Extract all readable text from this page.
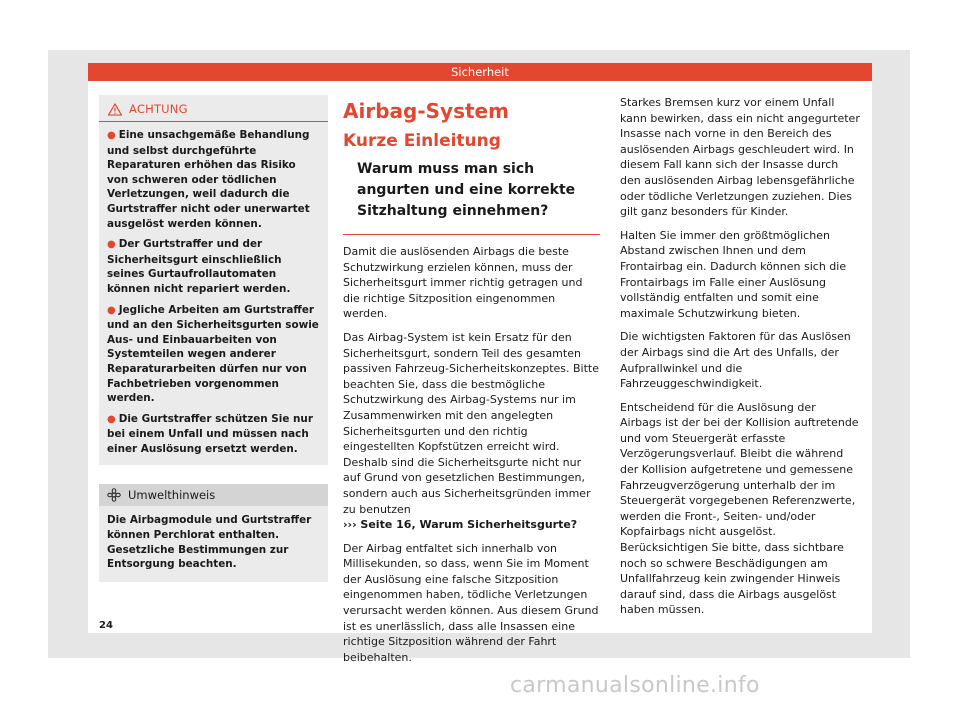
Sicherheit
ACHTUNG
● Eine unsachgemäße Behandlung und selbst durchgeführte Reparaturen erhöhen das Risiko von schweren oder tödlichen Verletzungen, weil dadurch die Gurtstraffer nicht oder unerwartet ausgelöst werden können.
● Der Gurtstraffer und der Sicherheitsgurt einschließlich seines Gurtaufrollautomaten können nicht repariert werden.
● Jegliche Arbeiten am Gurtstraffer und an den Sicherheitsgurten sowie Aus- und Einbauarbeiten von Systemteilen wegen anderer Reparaturarbeiten dürfen nur von Fachbetrieben vorgenommen werden.
● Die Gurtstraffer schützen Sie nur bei einem Unfall und müssen nach einer Auslösung ersetzt werden.
Umwelthinweis
Die Airbagmodule und Gurtstraffer können Perchlorat enthalten. Gesetzliche Bestimmungen zur Entsorgung beachten.
Airbag-System
Kurze Einleitung
Warum muss man sich angurten und eine korrekte Sitzhaltung einnehmen?

Damit die auslösenden Airbags die beste Schutzwirkung erzielen können, muss der Sicherheitsgurt immer richtig getragen und die richtige Sitzposition eingenommen werden.

Das Airbag-System ist kein Ersatz für den Sicherheitsgurt, sondern Teil des gesamten passiven Fahrzeug-Sicherheitskonzeptes. Bitte beachten Sie, dass die bestmögliche Schutzwirkung des Airbag-Systems nur im Zusammenwirken mit den angelegten Sicherheitsgurten und den richtig eingestellten Kopfstützen erreicht wird. Deshalb sind die Sicherheitsgurte nicht nur auf Grund von gesetzlichen Bestimmungen, sondern auch aus Sicherheitsgründen immer zu benutzen
››› Seite 16, Warum Sicherheitsgurte?

Der Airbag entfaltet sich innerhalb von Millisekunden, so dass, wenn Sie im Moment der Auslösung eine falsche Sitzposition eingenommen haben, tödliche Verletzungen verursacht werden können. Aus diesem Grund ist es unerlässlich, dass alle Insassen eine richtige Sitzposition während der Fahrt beibehalten.

Starkes Bremsen kurz vor einem Unfall kann bewirken, dass ein nicht angegurteter Insasse nach vorne in den Bereich des auslösenden Airbags geschleudert wird. In diesem Fall kann sich der Insasse durch den auslösenden Airbag lebensgefährliche oder tödliche Verletzungen zuziehen. Dies gilt ganz besonders für Kinder.

Halten Sie immer den größtmöglichen Abstand zwischen Ihnen und dem Frontairbag ein. Dadurch können sich die Frontairbags im Falle einer Auslösung vollständig entfalten und somit eine maximale Schutzwirkung bieten.

Die wichtigsten Faktoren für das Auslösen der Airbags sind die Art des Unfalls, der Aufprallwinkel und die Fahrzeuggeschwindigkeit.

Entscheidend für die Auslösung der Airbags ist der bei der Kollision auftretende und vom Steuergerät erfasste Verzögerungsverlauf. Bleibt die während der Kollision aufgetretene und gemessene Fahrzeugverzögerung unterhalb der im Steuergerät vorgegebenen Referenzwerte, werden die Front-, Seiten- und/oder Kopfairbags nicht ausgelöst. Berücksichtigen Sie bitte, dass sichtbare noch so schwere Beschädigungen am Unfallfahrzeug kein zwingender Hinweis darauf sind, dass die Airbags ausgelöst haben müssen.

24
carmanualsonline.info
